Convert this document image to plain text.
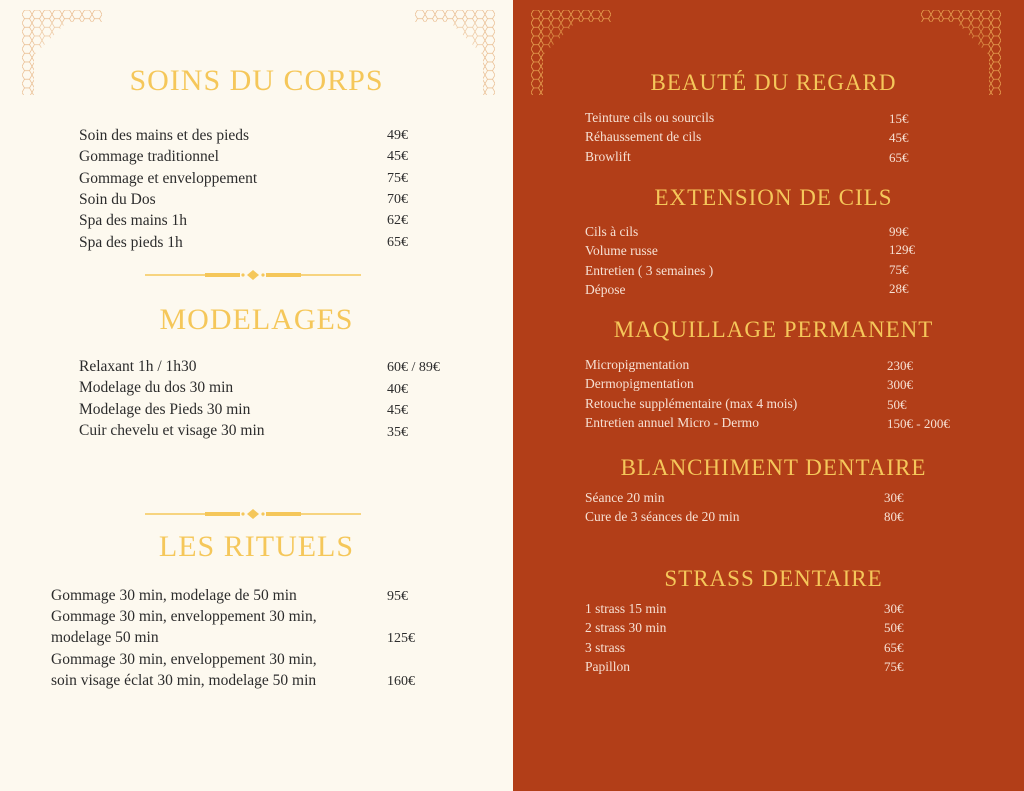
SOINS DU CORPS
Soin des mains et des pieds	49€
Gommage traditionnel	45€
Gommage et enveloppement	75€
Soin du Dos	70€
Spa des mains 1h	62€
Spa des pieds 1h	65€
MODELAGES
Relaxant 1h / 1h30	60€ / 89€
Modelage du dos 30 min	40€
Modelage des Pieds 30 min	45€
Cuir chevelu et visage 30 min	35€
LES RITUELS
Gommage 30 min, modelage de 50 min	95€
Gommage 30 min, enveloppement 30 min,
modelage 50 min	125€
Gommage 30 min, enveloppement 30 min,
soin visage éclat 30 min, modelage 50 min	160€
BEAUTÉ DU REGARD
Teinture cils ou sourcils	15€
Réhaussement de cils	45€
Browlift	65€
EXTENSION DE CILS
Cils à cils	99€
Volume russe	129€
Entretien ( 3 semaines )	75€
Dépose	28€
MAQUILLAGE PERMANENT
Micropigmentation	230€
Dermopigmentation	300€
Retouche supplémentaire (max 4 mois)	50€
Entretien annuel Micro - Dermo	150€ - 200€
BLANCHIMENT DENTAIRE
Séance 20 min	30€
Cure de 3 séances de 20 min	80€
STRASS DENTAIRE
1 strass 15 min	30€
2 strass 30 min	50€
3 strass	65€
Papillon	75€
